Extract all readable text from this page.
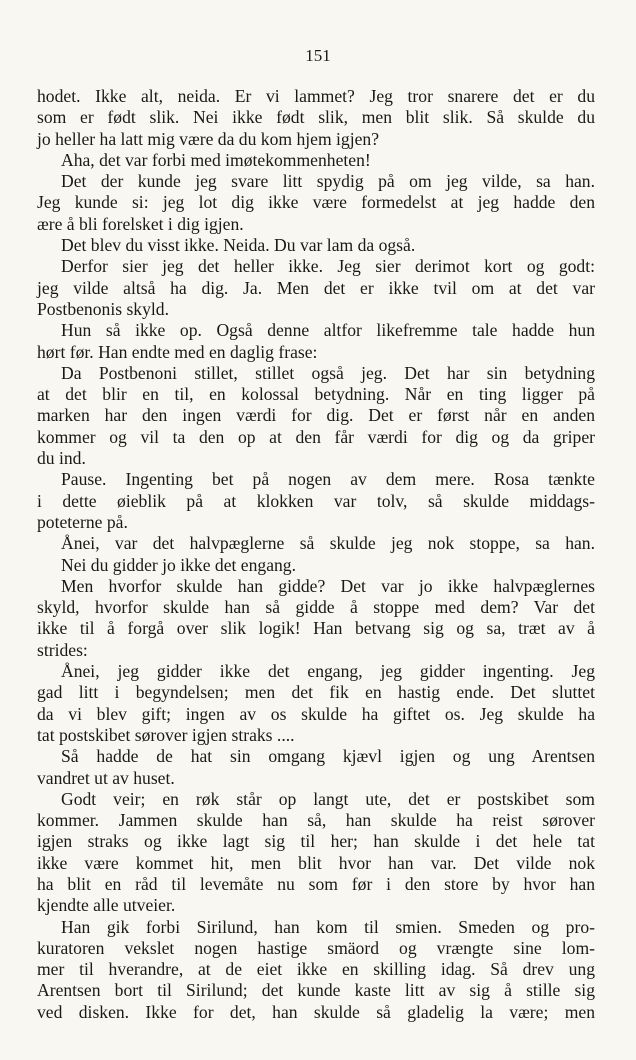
151
hodet. Ikke alt, neida. Er vi lammet? Jeg tror snarere det er du
som er født slik. Nei ikke født slik, men blit slik. Så skulde du
jo heller ha latt mig være da du kom hjem igjen?
Aha, det var forbi med imøtekommenheten!
Det der kunde jeg svare litt spydig på om jeg vilde, sa han.
Jeg kunde si: jeg lot dig ikke være formedelst at jeg hadde den
ære å bli forelsket i dig igjen.
Det blev du visst ikke. Neida. Du var lam da også.
Derfor sier jeg det heller ikke. Jeg sier derimot kort og godt:
jeg vilde altså ha dig. Ja. Men det er ikke tvil om at det var
Postbenonis skyld.
Hun så ikke op. Også denne altfor likefremme tale hadde hun
hørt før. Han endte med en daglig frase:
Da Postbenoni stillet, stillet også jeg. Det har sin betydning
at det blir en til, en kolossal betydning. Når en ting ligger på
marken har den ingen værdi for dig. Det er først når en anden
kommer og vil ta den op at den får værdi for dig og da griper
du ind.
Pause. Ingenting bet på nogen av dem mere. Rosa tænkte
i dette øieblik på at klokken var tolv, så skulde middags-
poteterne på.
Ånei, var det halvpæglerne så skulde jeg nok stoppe, sa han.
Nei du gidder jo ikke det engang.
Men hvorfor skulde han gidde? Det var jo ikke halvpæglernes
skyld, hvorfor skulde han så gidde å stoppe med dem? Var det
ikke til å forgå over slik logik! Han betvang sig og sa, træt av å
strides:
Ånei, jeg gidder ikke det engang, jeg gidder ingenting. Jeg
gad litt i begyndelsen; men det fik en hastig ende. Det sluttet
da vi blev gift; ingen av os skulde ha giftet os. Jeg skulde ha
tat postskibet sørover igjen straks ....
Så hadde de hat sin omgang kjævl igjen og ung Arentsen
vandret ut av huset.
Godt veir; en røk står op langt ute, det er postskibet som
kommer. Jammen skulde han så, han skulde ha reist sørover
igjen straks og ikke lagt sig til her; han skulde i det hele tat
ikke være kommet hit, men blit hvor han var. Det vilde nok
ha blit en råd til levemåte nu som før i den store by hvor han
kjendte alle utveier.
Han gik forbi Sirilund, han kom til smien. Smeden og pro-
kuratoren vekslet nogen hastige smäord og vrængte sine lom-
mer til hverandre, at de eiet ikke en skilling idag. Så drev ung
Arentsen bort til Sirilund; det kunde kaste litt av sig å stille sig
ved disken. Ikke for det, han skulde så gladelig la være; men
